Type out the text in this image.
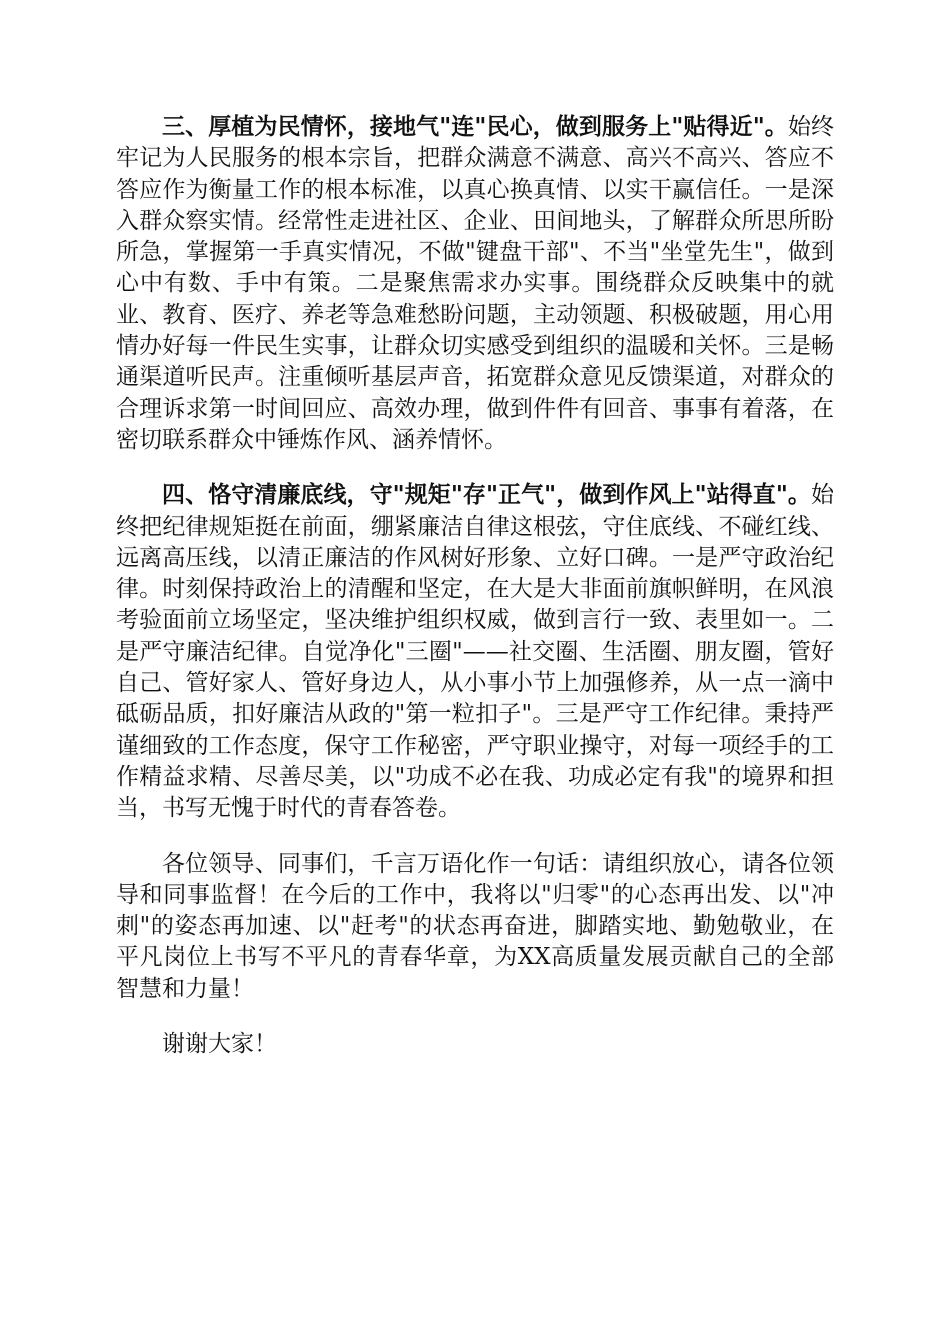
三、厚植为民情怀，接地气"连"民心，做到服务上"贴得近"。始终牢记为人民服务的根本宗旨，把群众满意不满意、高兴不高兴、答应不答应作为衡量工作的根本标准，以真心换真情、以实干赢信任。一是深入群众察实情。经常性走进社区、企业、田间地头，了解群众所思所盼所急，掌握第一手真实情况，不做"键盘干部"、不当"坐堂先生"，做到心中有数、手中有策。二是聚焦需求办实事。围绕群众反映集中的就业、教育、医疗、养老等急难愁盼问题，主动领题、积极破题，用心用情办好每一件民生实事，让群众切实感受到组织的温暖和关怀。三是畅通渠道听民声。注重倾听基层声音，拓宽群众意见反馈渠道，对群众的合理诉求第一时间回应、高效办理，做到件件有回音、事事有着落，在密切联系群众中锤炼作风、涵养情怀。

四、恪守清廉底线，守"规矩"存"正气"，做到作风上"站得直"。始终把纪律规矩挺在前面，绷紧廉洁自律这根弦，守住底线、不碰红线、远离高压线，以清正廉洁的作风树好形象、立好口碑。一是严守政治纪律。时刻保持政治上的清醒和坚定，在大是大非面前旗帜鲜明，在风浪考验面前立场坚定，坚决维护组织权威，做到言行一致、表里如一。二是严守廉洁纪律。自觉净化"三圈"——社交圈、生活圈、朋友圈，管好自己、管好家人、管好身边人，从小事小节上加强修养，从一点一滴中砥砺品质，扣好廉洁从政的"第一粒扣子"。三是严守工作纪律。秉持严谨细致的工作态度，保守工作秘密，严守职业操守，对每一项经手的工作精益求精、尽善尽美，以"功成不必在我、功成必定有我"的境界和担当，书写无愧于时代的青春答卷。

各位领导、同事们，千言万语化作一句话：请组织放心，请各位领导和同事监督！在今后的工作中，我将以"归零"的心态再出发、以"冲刺"的姿态再加速、以"赶考"的状态再奋进，脚踏实地、勤勉敬业，在平凡岗位上书写不平凡的青春华章，为XX高质量发展贡献自己的全部智慧和力量！

谢谢大家！
